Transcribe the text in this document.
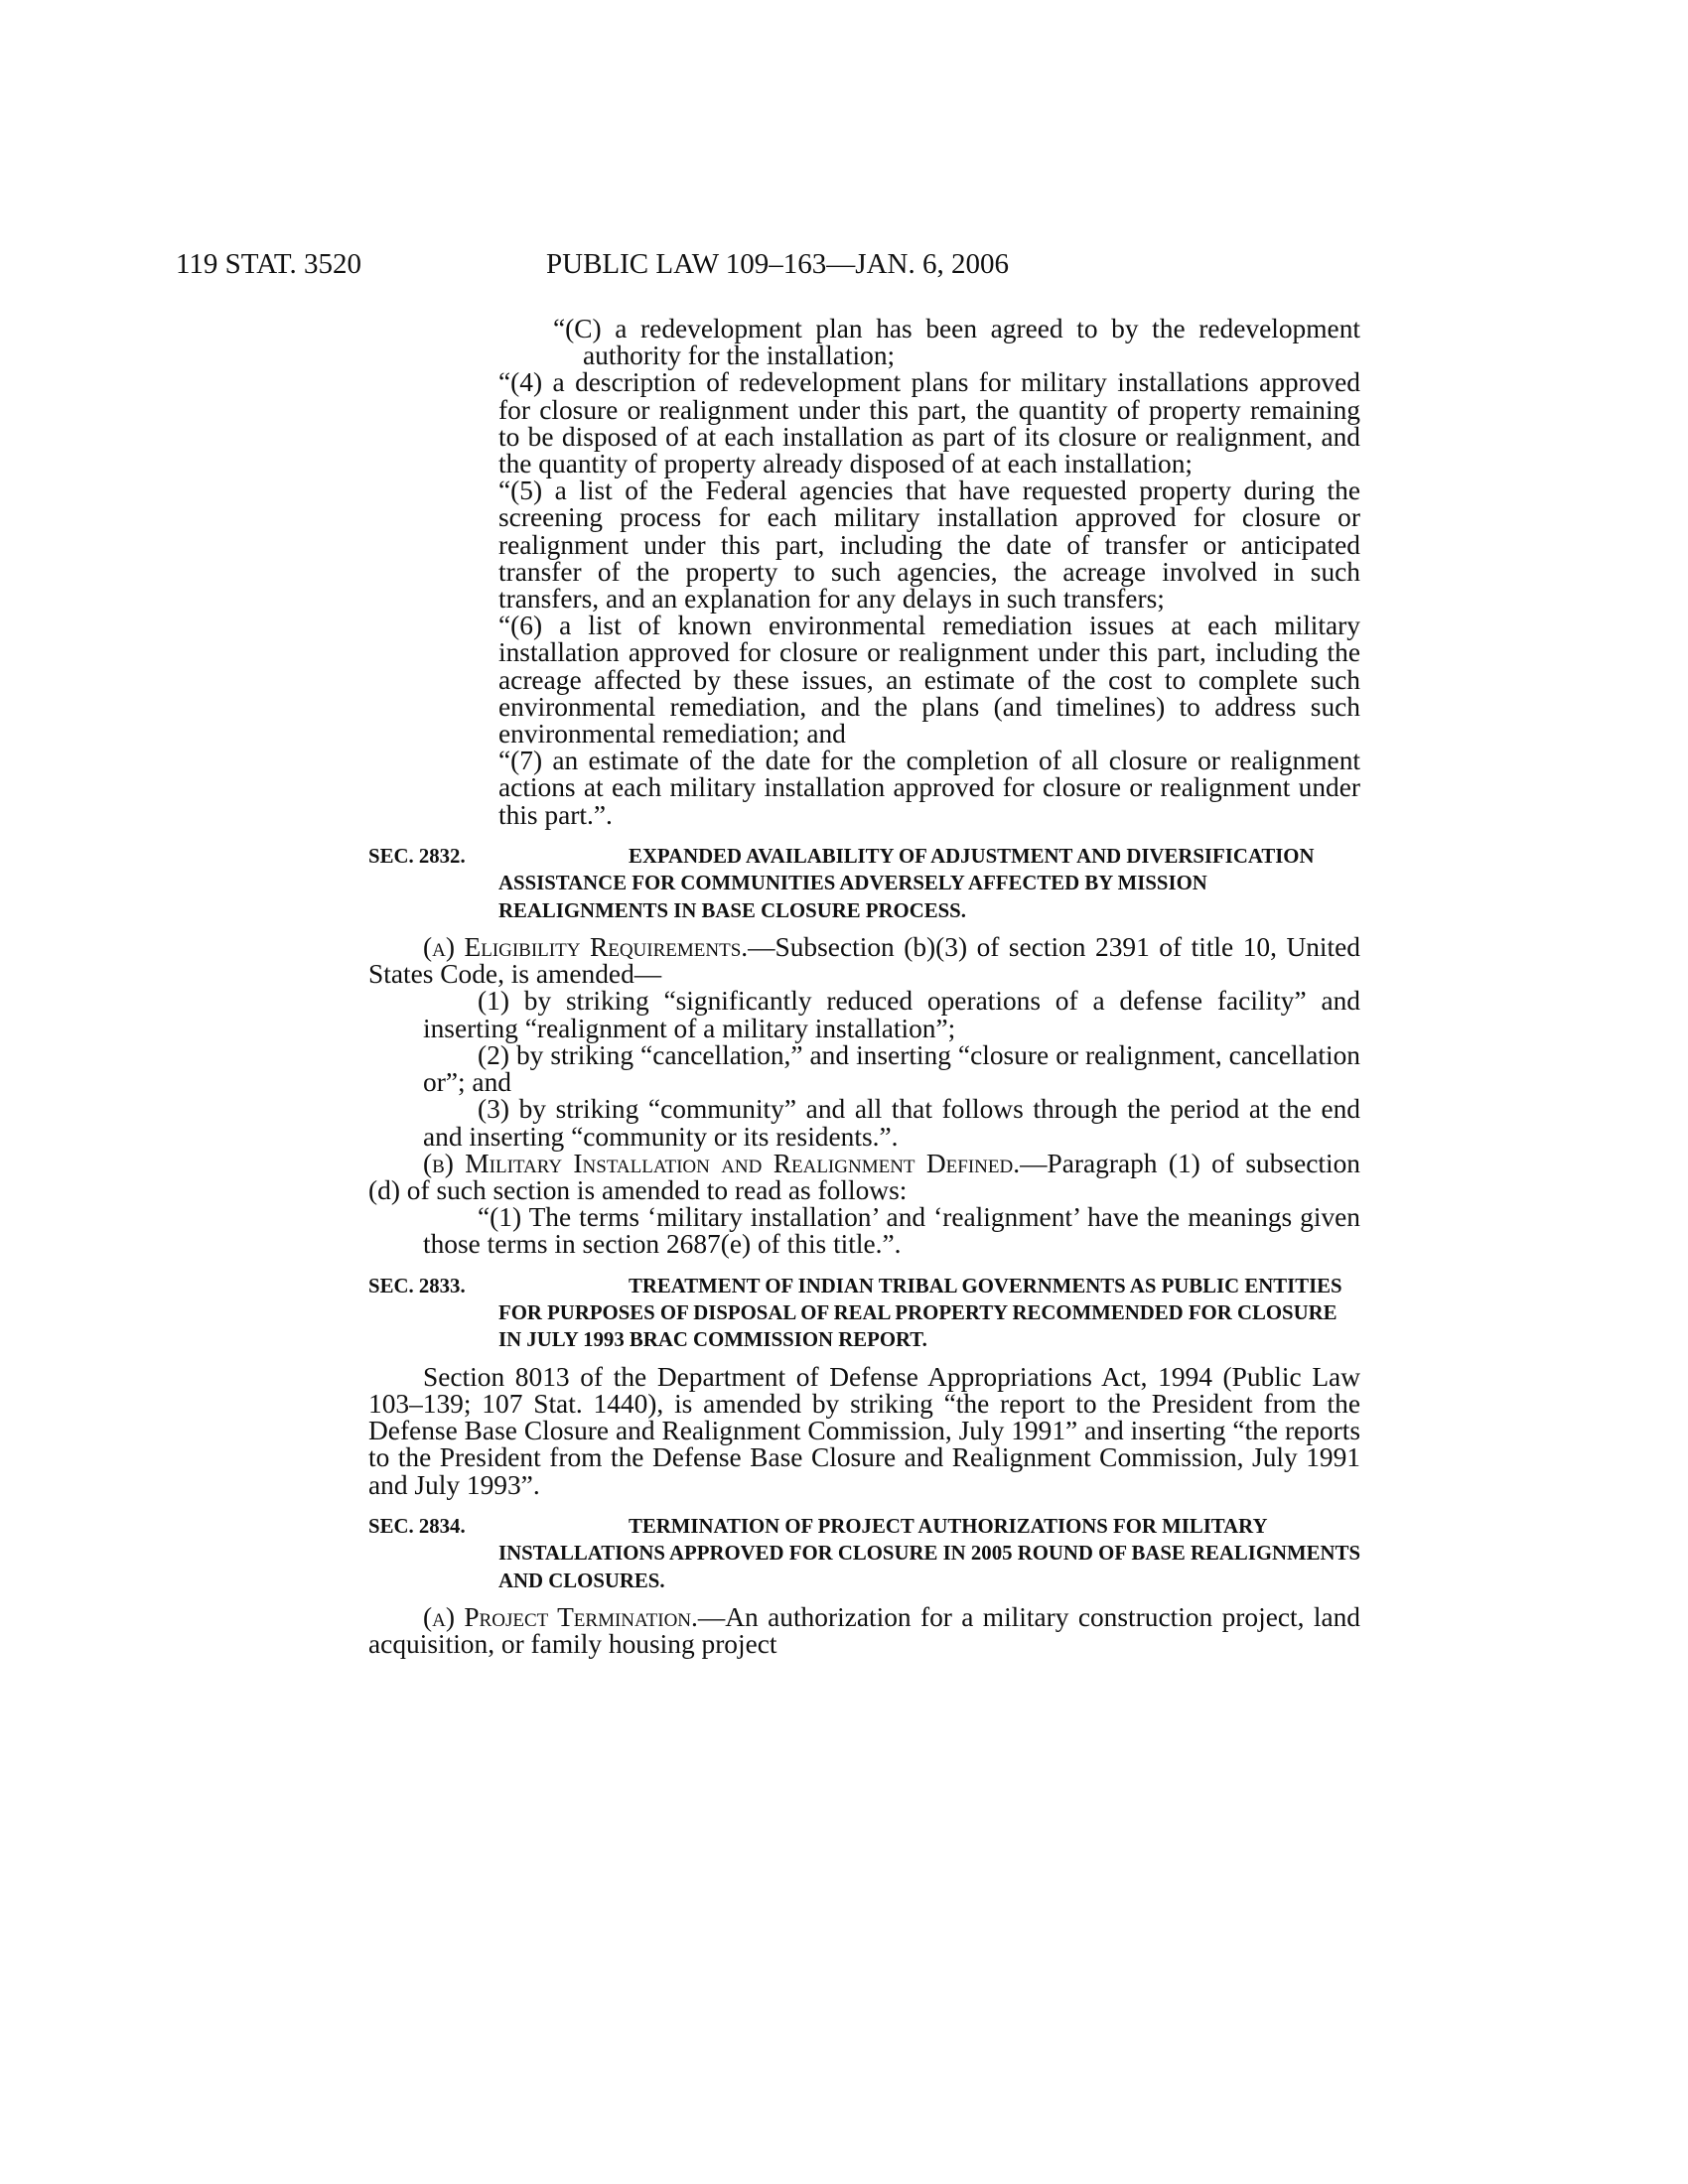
119 STAT. 3520	PUBLIC LAW 109–163—JAN. 6, 2006

“(C) a redevelopment plan has been agreed to by the redevelopment authority for the installation;

“(4) a description of redevelopment plans for military installations approved for closure or realignment under this part, the quantity of property remaining to be disposed of at each installation as part of its closure or realignment, and the quantity of property already disposed of at each installation;

“(5) a list of the Federal agencies that have requested property during the screening process for each military installation approved for closure or realignment under this part, including the date of transfer or anticipated transfer of the property to such agencies, the acreage involved in such transfers, and an explanation for any delays in such transfers;

“(6) a list of known environmental remediation issues at each military installation approved for closure or realignment under this part, including the acreage affected by these issues, an estimate of the cost to complete such environmental remediation, and the plans (and timelines) to address such environmental remediation; and

“(7) an estimate of the date for the completion of all closure or realignment actions at each military installation approved for closure or realignment under this part.”.

SEC. 2832.	EXPANDED AVAILABILITY OF ADJUSTMENT AND DIVERSIFICATION ASSISTANCE FOR COMMUNITIES ADVERSELY AFFECTED BY MISSION REALIGNMENTS IN BASE CLOSURE PROCESS.

(a) Eligibility Requirements.—Subsection (b)(3) of section 2391 of title 10, United States Code, is amended—

(1) by striking “significantly reduced operations of a defense facility” and inserting “realignment of a military installation”;

(2) by striking “cancellation,” and inserting “closure or realignment, cancellation or”; and

(3) by striking “community” and all that follows through the period at the end and inserting “community or its residents.”.

(b) Military Installation and Realignment Defined.—Paragraph (1) of subsection (d) of such section is amended to read as follows:

“(1) The terms ‘military installation’ and ‘realignment’ have the meanings given those terms in section 2687(e) of this title.”.

SEC. 2833.	TREATMENT OF INDIAN TRIBAL GOVERNMENTS AS PUBLIC ENTITIES FOR PURPOSES OF DISPOSAL OF REAL PROPERTY RECOMMENDED FOR CLOSURE IN JULY 1993 BRAC COMMISSION REPORT.

Section 8013 of the Department of Defense Appropriations Act, 1994 (Public Law 103–139; 107 Stat. 1440), is amended by striking “the report to the President from the Defense Base Closure and Realignment Commission, July 1991” and inserting “the reports to the President from the Defense Base Closure and Realignment Commission, July 1991 and July 1993”.

SEC. 2834.	TERMINATION OF PROJECT AUTHORIZATIONS FOR MILITARY INSTALLATIONS APPROVED FOR CLOSURE IN 2005 ROUND OF BASE REALIGNMENTS AND CLOSURES.

(a) Project Termination.—An authorization for a military construction project, land acquisition, or family housing project
